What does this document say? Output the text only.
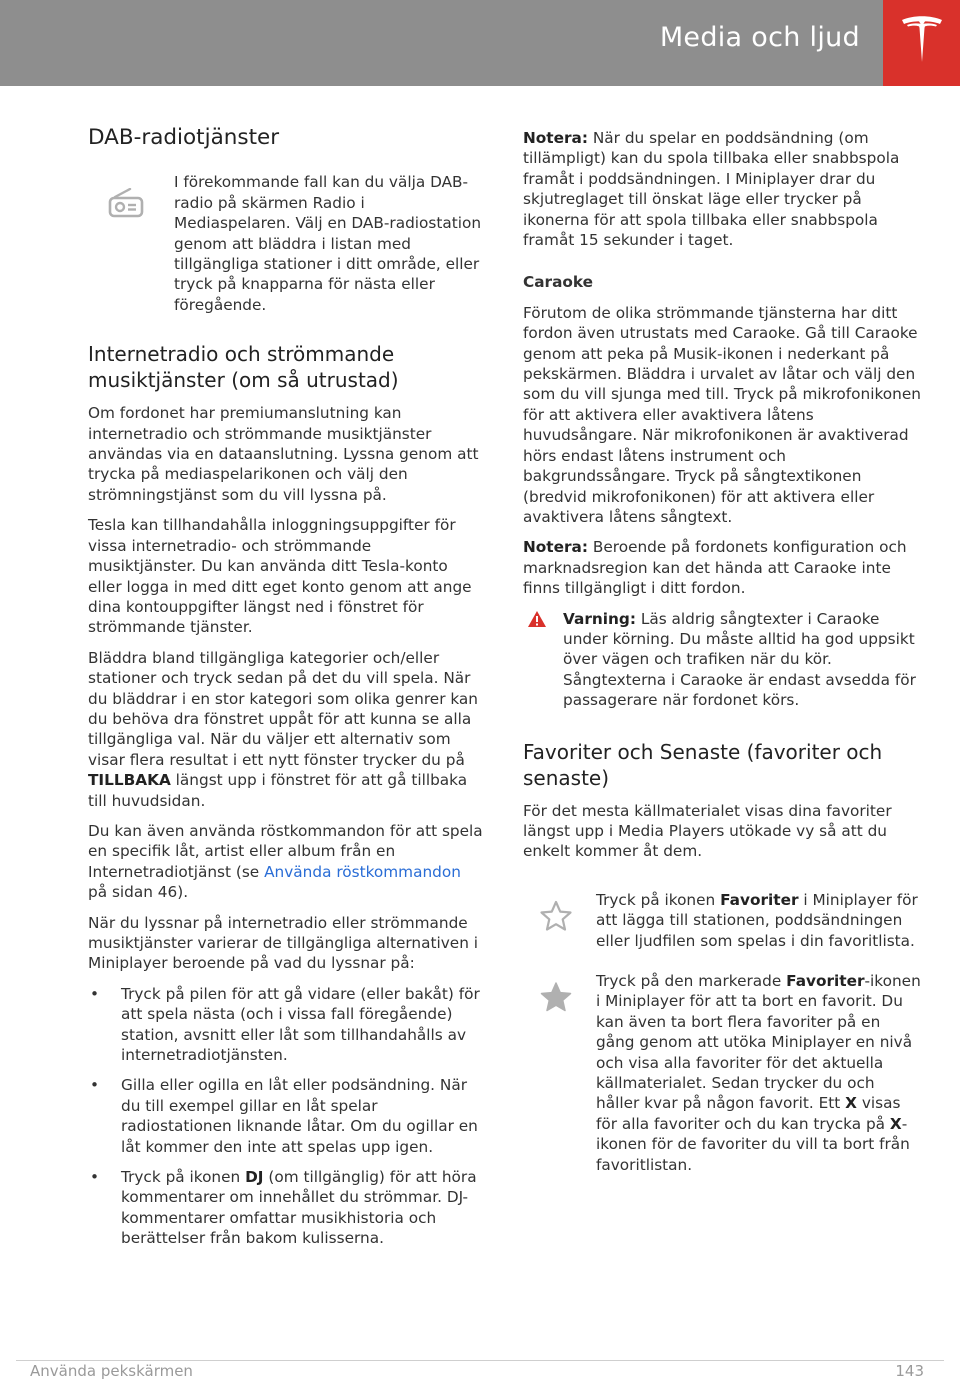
Media och ljud
DAB-radiotjänster

I förekommande fall kan du välja DAB-radio på skärmen Radio i Mediaspelaren. Välj en DAB-radiostation genom att bläddra i listan med tillgängliga stationer i ditt område, eller tryck på knapparna för nästa eller föregående.

Internetradio och strömmande musiktjänster (om så utrustad)

Om fordonet har premiumanslutning kan internetradio och strömmande musiktjänster användas via en dataanslutning. Lyssna genom att trycka på mediaspelarikonen och välj den strömningstjänst som du vill lyssna på.

Tesla kan tillhandahålla inloggningsuppgifter för vissa internetradio- och strömmande musiktjänster. Du kan använda ditt Tesla-konto eller logga in med ditt eget konto genom att ange dina kontouppgifter längst ned i fönstret för strömmande tjänster.

Bläddra bland tillgängliga kategorier och/eller stationer och tryck sedan på det du vill spela. När du bläddrar i en stor kategori som olika genrer kan du behöva dra fönstret uppåt för att kunna se alla tillgängliga val. När du väljer ett alternativ som visar flera resultat i ett nytt fönster trycker du på TILLBAKA längst upp i fönstret för att gå tillbaka till huvudsidan.

Du kan även använda röstkommandon för att spela en specifik låt, artist eller album från en Internetradiotjänst (se Använda röstkommandon på sidan 46).

När du lyssnar på internetradio eller strömmande musiktjänster varierar de tillgängliga alternativen i Miniplayer beroende på vad du lyssnar på:

• Tryck på pilen för att gå vidare (eller bakåt) för att spela nästa (och i vissa fall föregående) station, avsnitt eller låt som tillhandahålls av internetradiotjänsten.
• Gilla eller ogilla en låt eller podsändning. När du till exempel gillar en låt spelar radiostationen liknande låtar. Om du ogillar en låt kommer den inte att spelas upp igen.
• Tryck på ikonen DJ (om tillgänglig) för att höra kommentarer om innehållet du strömmar. DJ-kommentarer omfattar musikhistoria och berättelser från bakom kulisserna.

Notera: När du spelar en poddsändning (om tillämpligt) kan du spola tillbaka eller snabbspola framåt i poddsändningen. I Miniplayer drar du skjutreglaget till önskat läge eller trycker på ikonerna för att spola tillbaka eller snabbspola framåt 15 sekunder i taget.

Caraoke

Förutom de olika strömmande tjänsterna har ditt fordon även utrustats med Caraoke. Gå till Caraoke genom att peka på Musik-ikonen i nederkant på pekskärmen. Bläddra i urvalet av låtar och välj den som du vill sjunga med till. Tryck på mikrofonikonen för att aktivera eller avaktivera låtens huvudsångare. När mikrofonikonen är avaktiverad hörs endast låtens instrument och bakgrundssångare. Tryck på sångtextikonen (bredvid mikrofonikonen) för att aktivera eller avaktivera låtens sångtext.

Notera: Beroende på fordonets konfiguration och marknadsregion kan det hända att Caraoke inte finns tillgängligt i ditt fordon.

Varning: Läs aldrig sångtexter i Caraoke under körning. Du måste alltid ha god uppsikt över vägen och trafiken när du kör. Sångtexterna i Caraoke är endast avsedda för passagerare när fordonet körs.
Favoriter och Senaste (favoriter och senaste)

För det mesta källmaterialet visas dina favoriter längst upp i Media Players utökade vy så att du enkelt kommer åt dem.

Tryck på ikonen Favoriter i Miniplayer för att lägga till stationen, poddsändningen eller ljudfilen som spelas i din favoritlista.

Tryck på den markerade Favoriter-ikonen i Miniplayer för att ta bort en favorit. Du kan även ta bort flera favoriter på en gång genom att utöka Miniplayer en nivå och visa alla favoriter för det aktuella källmaterialet. Sedan trycker du och håller kvar på någon favorit. Ett X visas för alla favoriter och du kan trycka på X-ikonen för de favoriter du vill ta bort från favoritlistan.

Använda pekskärmen	143
